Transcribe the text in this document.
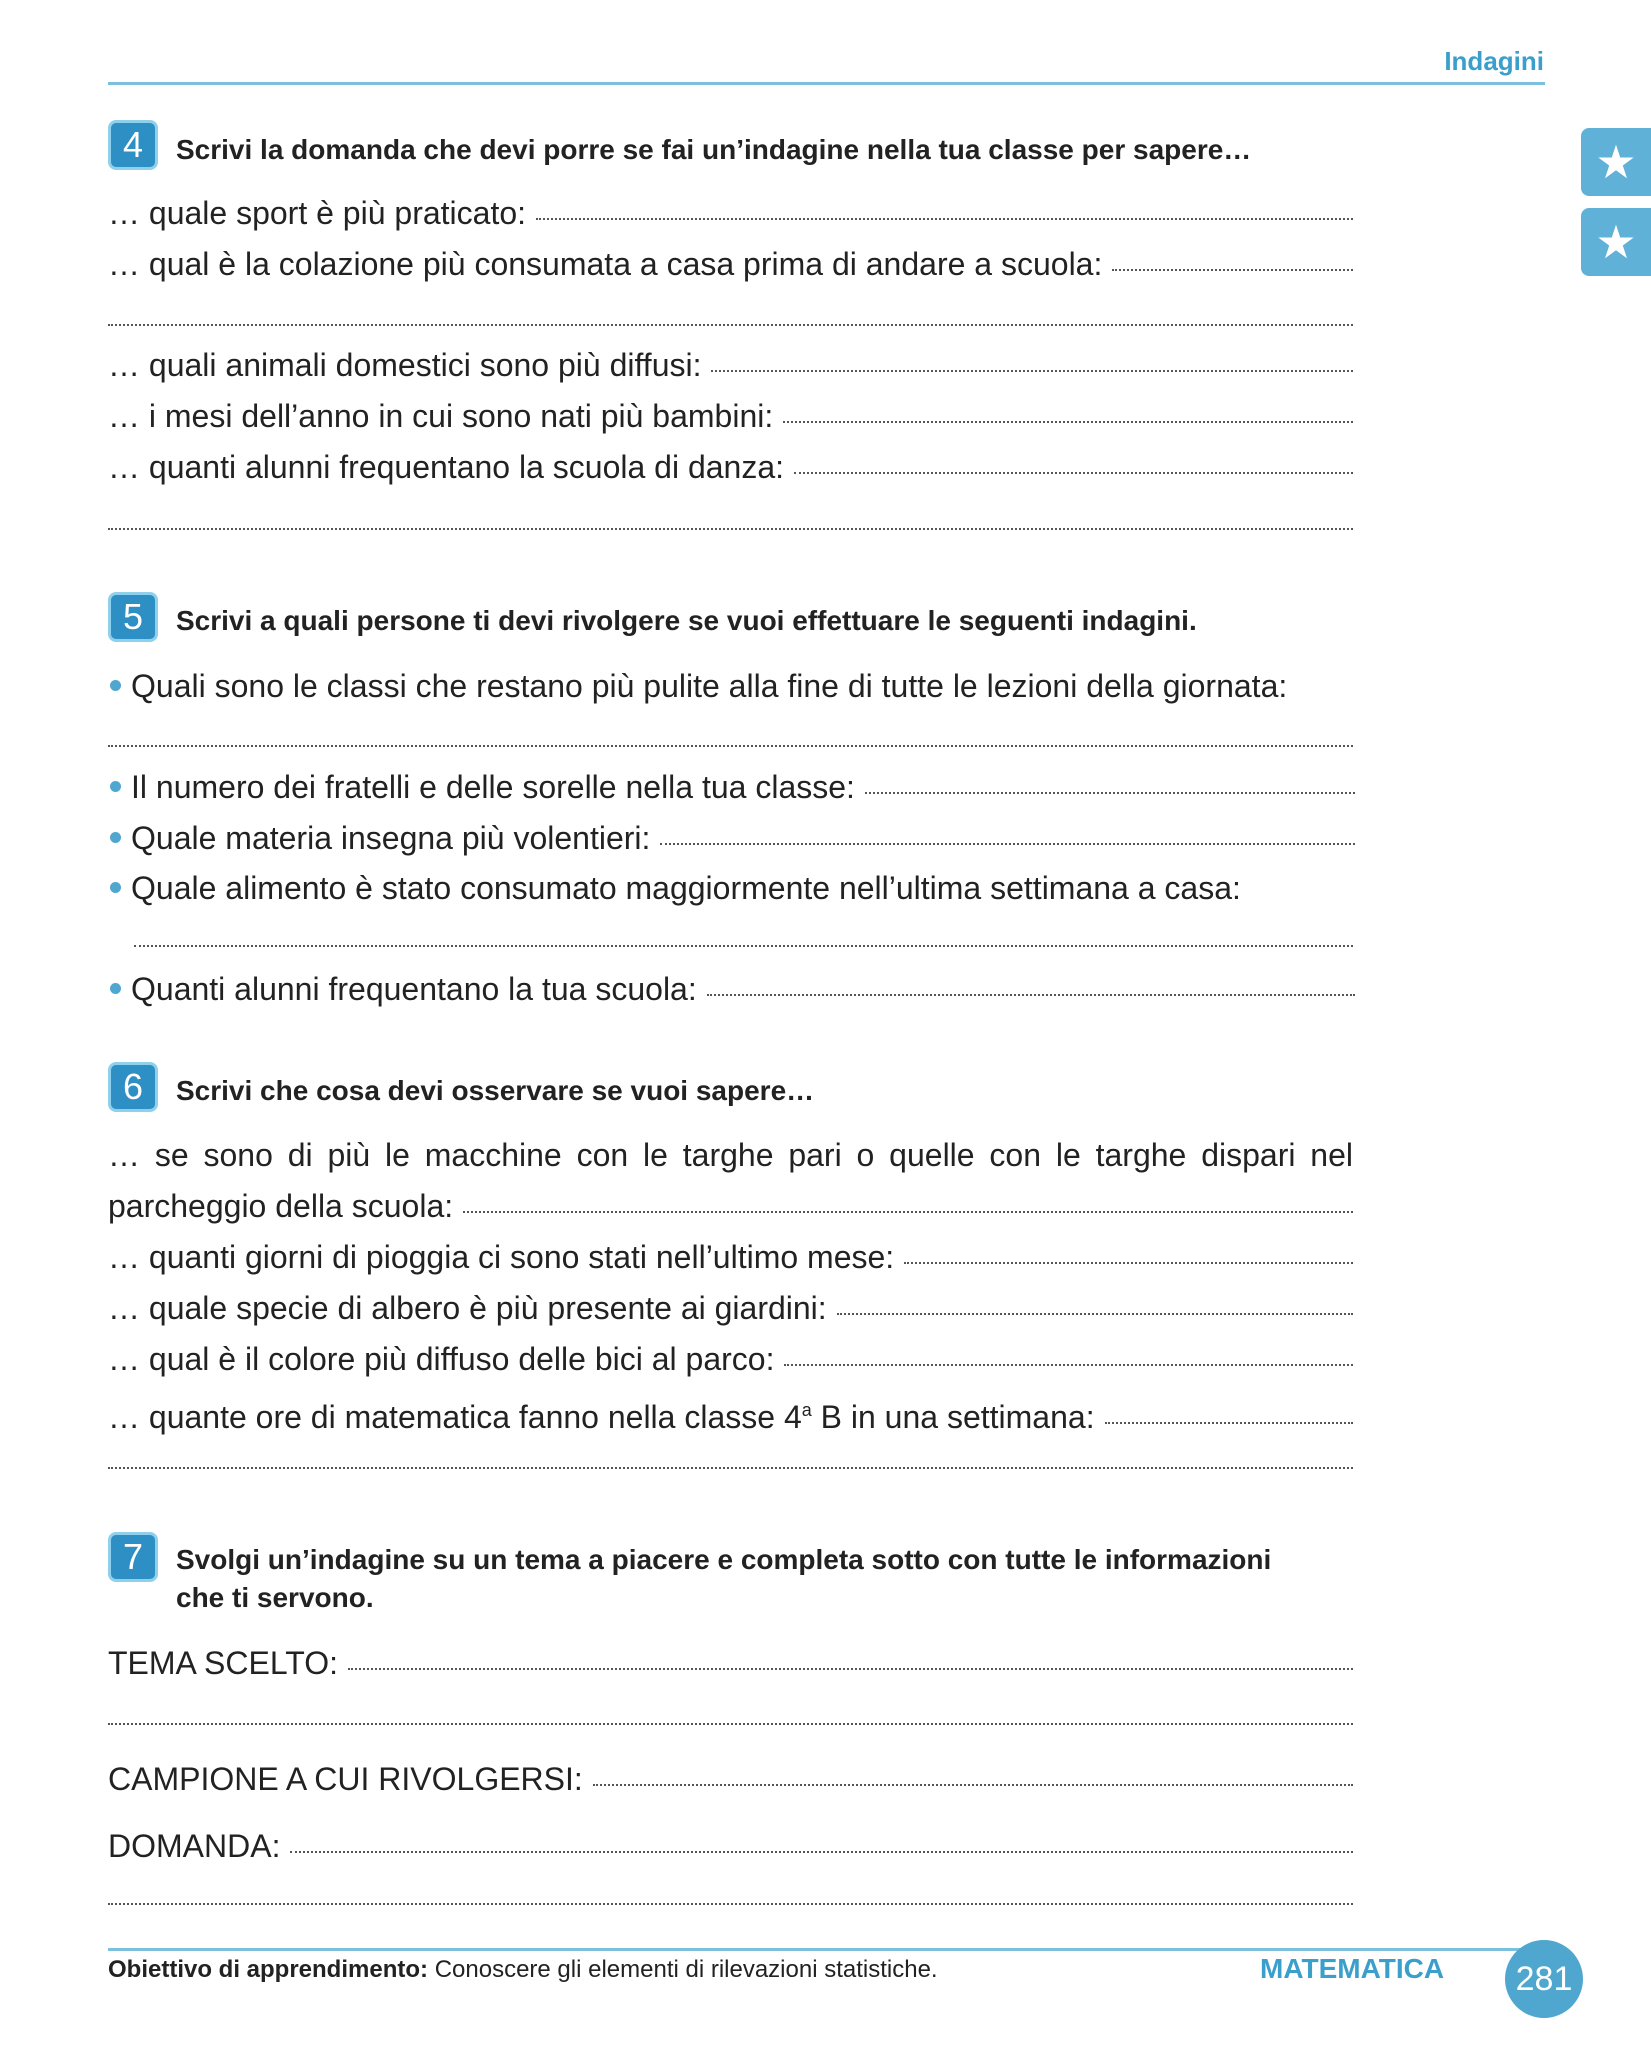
Indagini
★
★
4	Scrivi la domanda che devi porre se fai un’indagine nella tua classe per sapere…
… quale sport è più praticato:
… qual è la colazione più consumata a casa prima di andare a scuola:
… quali animali domestici sono più diffusi:
… i mesi dell’anno in cui sono nati più bambini:
… quanti alunni frequentano la scuola di danza:
5	Scrivi a quali persone ti devi rivolgere se vuoi effettuare le seguenti indagini.
Quali sono le classi che restano più pulite alla fine di tutte le lezioni della giornata:
Il numero dei fratelli e delle sorelle nella tua classe:
Quale materia insegna più volentieri:
Quale alimento è stato consumato maggiormente nell’ultima settimana a casa:
Quanti alunni frequentano la tua scuola:
6	Scrivi che cosa devi osservare se vuoi sapere…
… se sono di più le macchine con le targhe pari o quelle con le targhe dispari nel
parcheggio della scuola:
… quanti giorni di pioggia ci sono stati nell’ultimo mese:
… quale specie di albero è più presente ai giardini:
… qual è il colore più diffuso delle bici al parco:
… quante ore di matematica fanno nella classe 4$^a$ B in una settimana:
7	Svolgi un’indagine su un tema a piacere e completa sotto con tutte le informazioni
che ti servono.
TEMA SCELTO:
CAMPIONE A CUI RIVOLGERSI:
DOMANDA:
Obiettivo di apprendimento: Conoscere gli elementi di rilevazioni statistiche.	MATEMATICA	281
